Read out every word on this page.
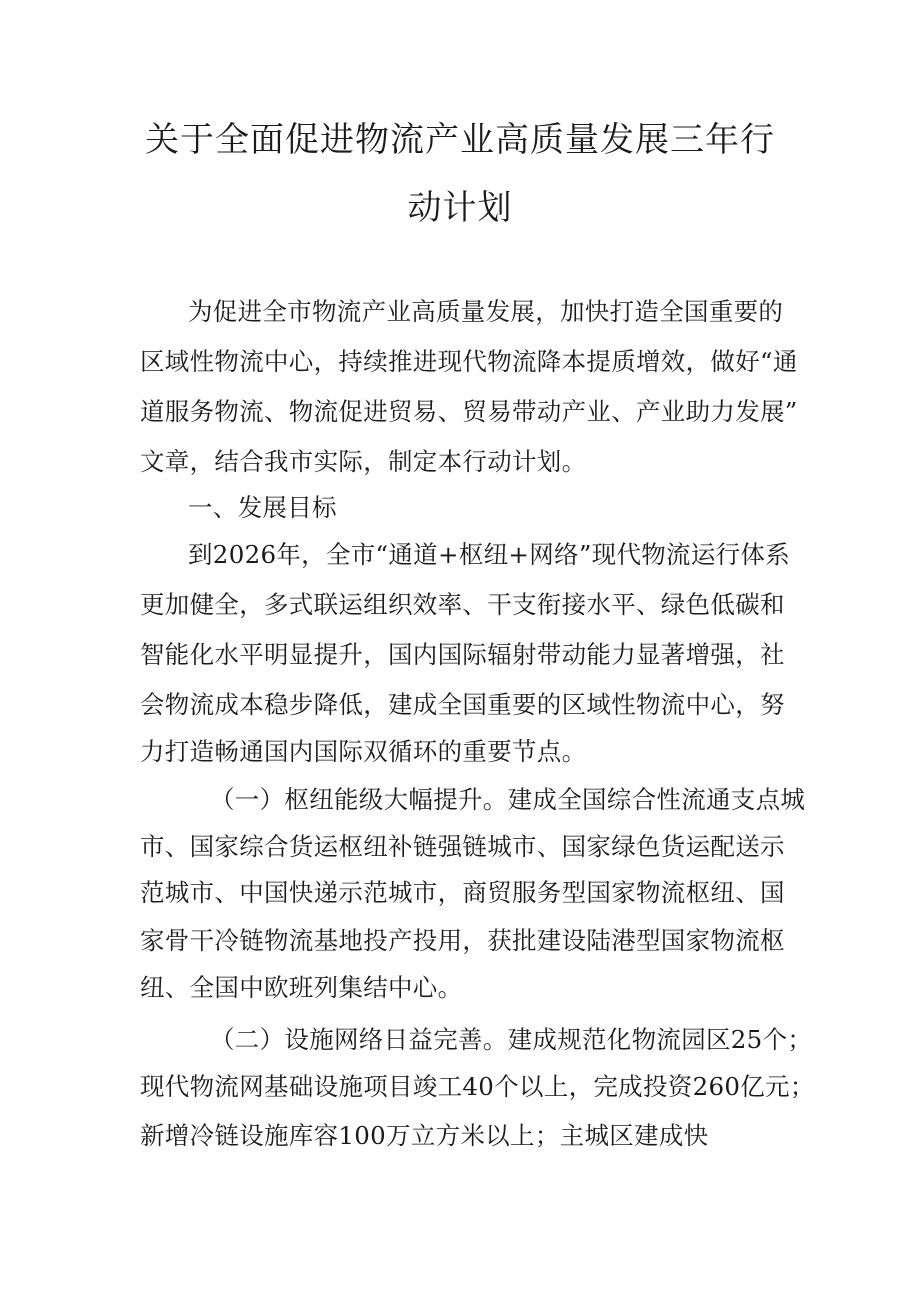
关于全面促进物流产业高质量发展三年行
动计划
为促进全市物流产业高质量发展，加快打造全国重要的
区域性物流中心，持续推进现代物流降本提质增效，做好“通
道服务物流、物流促进贸易、贸易带动产业、产业助力发展”
文章，结合我市实际，制定本行动计划。
一、发展目标
到2026年，全市“通道+枢纽+网络”现代物流运行体系
更加健全，多式联运组织效率、干支衔接水平、绿色低碳和
智能化水平明显提升，国内国际辐射带动能力显著增强，社
会物流成本稳步降低，建成全国重要的区域性物流中心，努
力打造畅通国内国际双循环的重要节点。
（一）枢纽能级大幅提升。建成全国综合性流通支点城
市、国家综合货运枢纽补链强链城市、国家绿色货运配送示
范城市、中国快递示范城市，商贸服务型国家物流枢纽、国
家骨干冷链物流基地投产投用，获批建设陆港型国家物流枢
纽、全国中欧班列集结中心。
（二）设施网络日益完善。建成规范化物流园区25个；
现代物流网基础设施项目竣工40个以上，完成投资260亿元；
新增冷链设施库容100万立方米以上；主城区建成快
